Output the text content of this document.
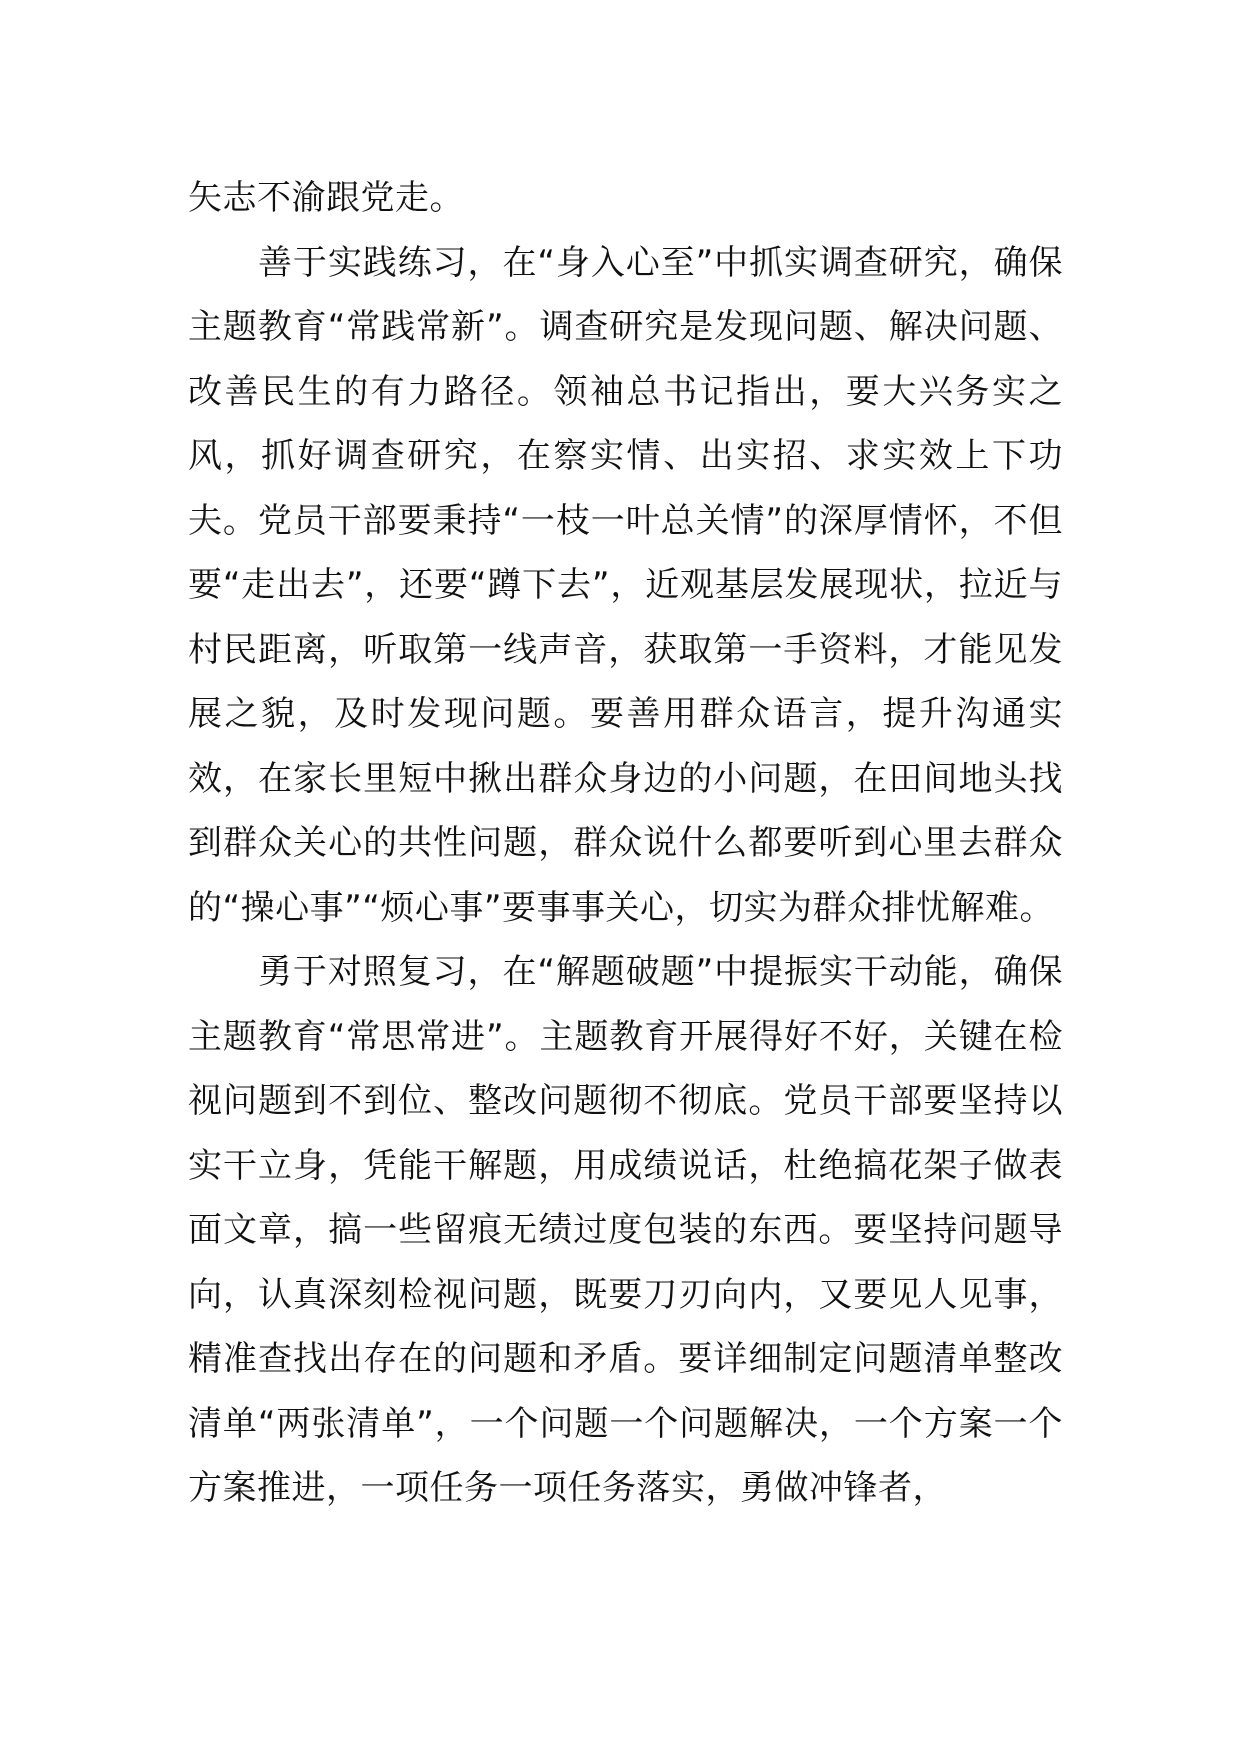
矢志不渝跟党走。

善于实践练习，在“身入心至”中抓实调查研究，确保主题教育“常践常新”。调查研究是发现问题、解决问题、改善民生的有力路径。领袖总书记指出，要大兴务实之风，抓好调查研究，在察实情、出实招、求实效上下功夫。党员干部要秉持“一枝一叶总关情”的深厚情怀，不但要“走出去”，还要“蹲下去”，近观基层发展现状，拉近与村民距离，听取第一线声音，获取第一手资料，才能见发展之貌，及时发现问题。要善用群众语言，提升沟通实效，在家长里短中揪出群众身边的小问题，在田间地头找到群众关心的共性问题，群众说什么都要听到心里去群众的“操心事”“烦心事”要事事关心，切实为群众排忧解难。

勇于对照复习，在“解题破题”中提振实干动能，确保主题教育“常思常进”。主题教育开展得好不好，关键在检视问题到不到位、整改问题彻不彻底。党员干部要坚持以实干立身，凭能干解题，用成绩说话，杜绝搞花架子做表面文章，搞一些留痕无绩过度包装的东西。要坚持问题导向，认真深刻检视问题，既要刀刃向内，又要见人见事，精准查找出存在的问题和矛盾。要详细制定问题清单整改清单“两张清单”，一个问题一个问题解决，一个方案一个方案推进，一项任务一项任务落实，勇做冲锋者，
